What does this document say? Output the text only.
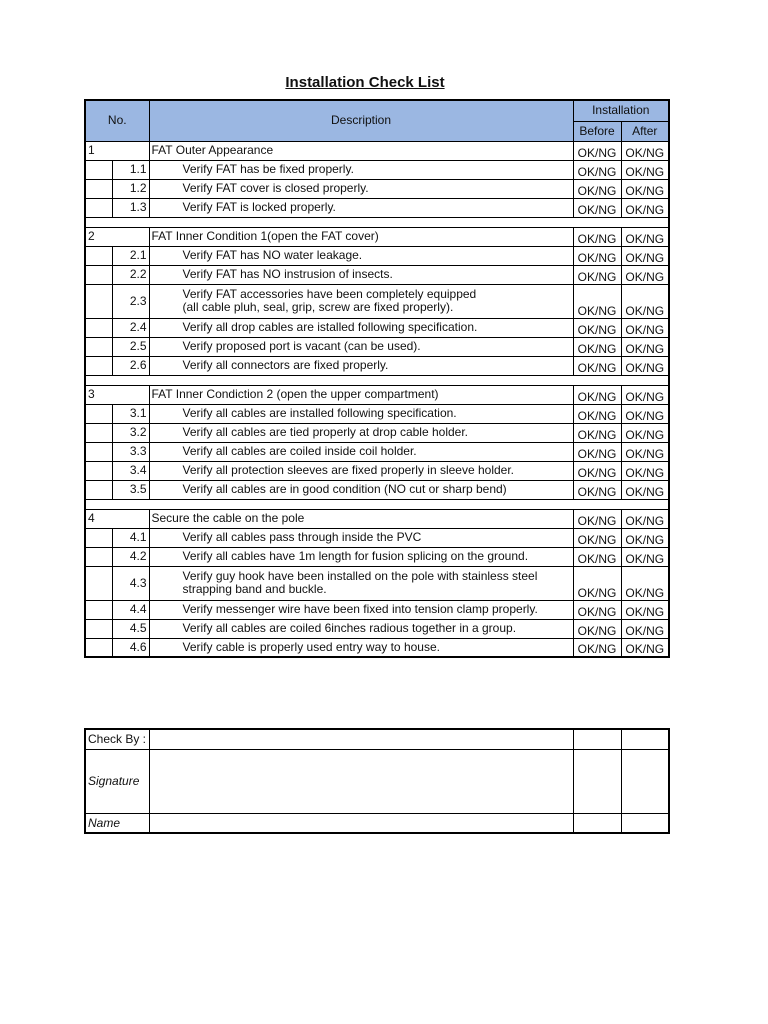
Installation Check List
No.		Description	Installation	
			Before	After
1		FAT Outer Appearance	OK/NG	OK/NG
	1.1	Verify FAT has be fixed properly.	OK/NG	OK/NG
	1.2	Verify FAT cover is closed properly.	OK/NG	OK/NG
	1.3	Verify FAT is locked properly.	OK/NG	OK/NG

2		FAT Inner Condition 1(open the FAT cover)	OK/NG	OK/NG
	2.1	Verify FAT has NO water leakage.	OK/NG	OK/NG
	2.2	Verify FAT has NO instrusion of insects.	OK/NG	OK/NG
	2.3	Verify FAT accessories have been completely equipped
(all cable pluh, seal, grip, screw are fixed properly).	OK/NG	OK/NG
	2.4	Verify all drop cables are istalled following specification.	OK/NG	OK/NG
	2.5	Verify proposed port is vacant (can be used).	OK/NG	OK/NG
	2.6	Verify all connectors are fixed properly.	OK/NG	OK/NG

3		FAT Inner Condiction 2 (open the upper compartment)	OK/NG	OK/NG
	3.1	Verify all cables are installed following specification.	OK/NG	OK/NG
	3.2	Verify all cables are tied properly at drop cable holder.	OK/NG	OK/NG
	3.3	Verify all cables are coiled inside coil holder.	OK/NG	OK/NG
	3.4	Verify all protection sleeves are fixed properly in sleeve holder.	OK/NG	OK/NG
	3.5	Verify all cables are in good condition (NO cut or sharp bend)	OK/NG	OK/NG

4		Secure the cable on the pole	OK/NG	OK/NG
	4.1	Verify all cables pass through inside the PVC	OK/NG	OK/NG
	4.2	Verify all cables have 1m length for fusion splicing on the ground.	OK/NG	OK/NG
	4.3	Verify guy hook have been installed on the pole with stainless steel
strapping band and buckle.	OK/NG	OK/NG
	4.4	Verify messenger wire have been fixed into tension clamp properly.	OK/NG	OK/NG
	4.5	Verify all cables are coiled 6inches radious together in a group.	OK/NG	OK/NG
	4.6	Verify cable is properly used entry way to house.	OK/NG	OK/NG
Check By :			
Signature			
Name			
